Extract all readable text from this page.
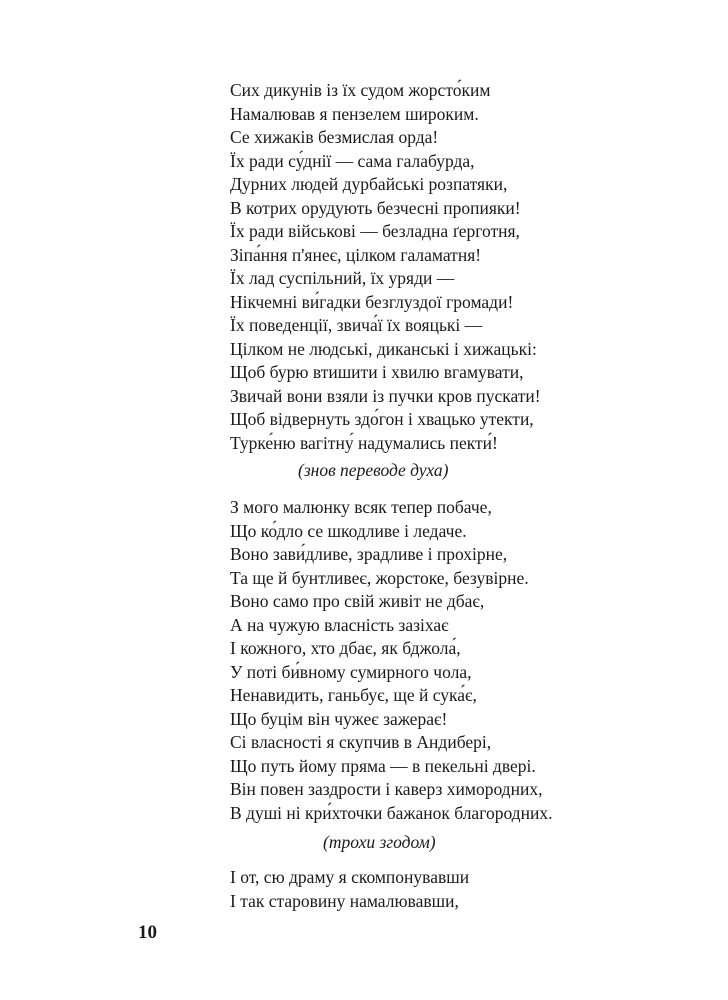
Сих дикунів із їх судом жорсто́ким
Намалював я пензелем широким.
Се хижаків безмислая орда!
Їх ради су́днії — сама галабурда,
Дурних людей дурбайські розпатяки,
В котрих орудують безчесні пропияки!
Їх ради військові — безладна ґерготня,
Зіпа́ння п'янеє, цілком галаматня!
Їх лад суспільний, їх уряди —
Нікчемні ви́гадки безглуздої громади!
Їх поведенції, звича́ї їх вояцькі —
Цілком не людські, диканські і хижацькі:
Щоб бурю втишити і хвилю вгамувати,
Звичай вони взяли із пучки кров пускати!
Щоб відвернуть здо́гон і хвацько утекти,
Турке́ню вагітну́ надумались пекти́!
(знов переводе духа)
З мого малюнку всяк тепер побаче,
Що ко́дло се шкодливе і ледаче.
Воно зави́дливе, зрадливе і прохірне,
Та ще й бунтливеє, жорстоке, безувірне.
Воно само про свій живіт не дбає,
А на чужую власність зазіхає
І кожного, хто дбає, як бджола́,
У поті би́вному сумирного чола,
Ненавидить, ганьбує, ще й сука́є,
Що буцім він чужеє зажерає!
Сі власності я скупчив в Андибері,
Що путь йому пряма — в пекельні двері.
Він повен заздрости і каверз химородних,
В душі ні кри́хточки бажанок благородних.
(трохи згодом)
І от, сю драму я скомпонувавши
І так старовину намалювавши,
10
